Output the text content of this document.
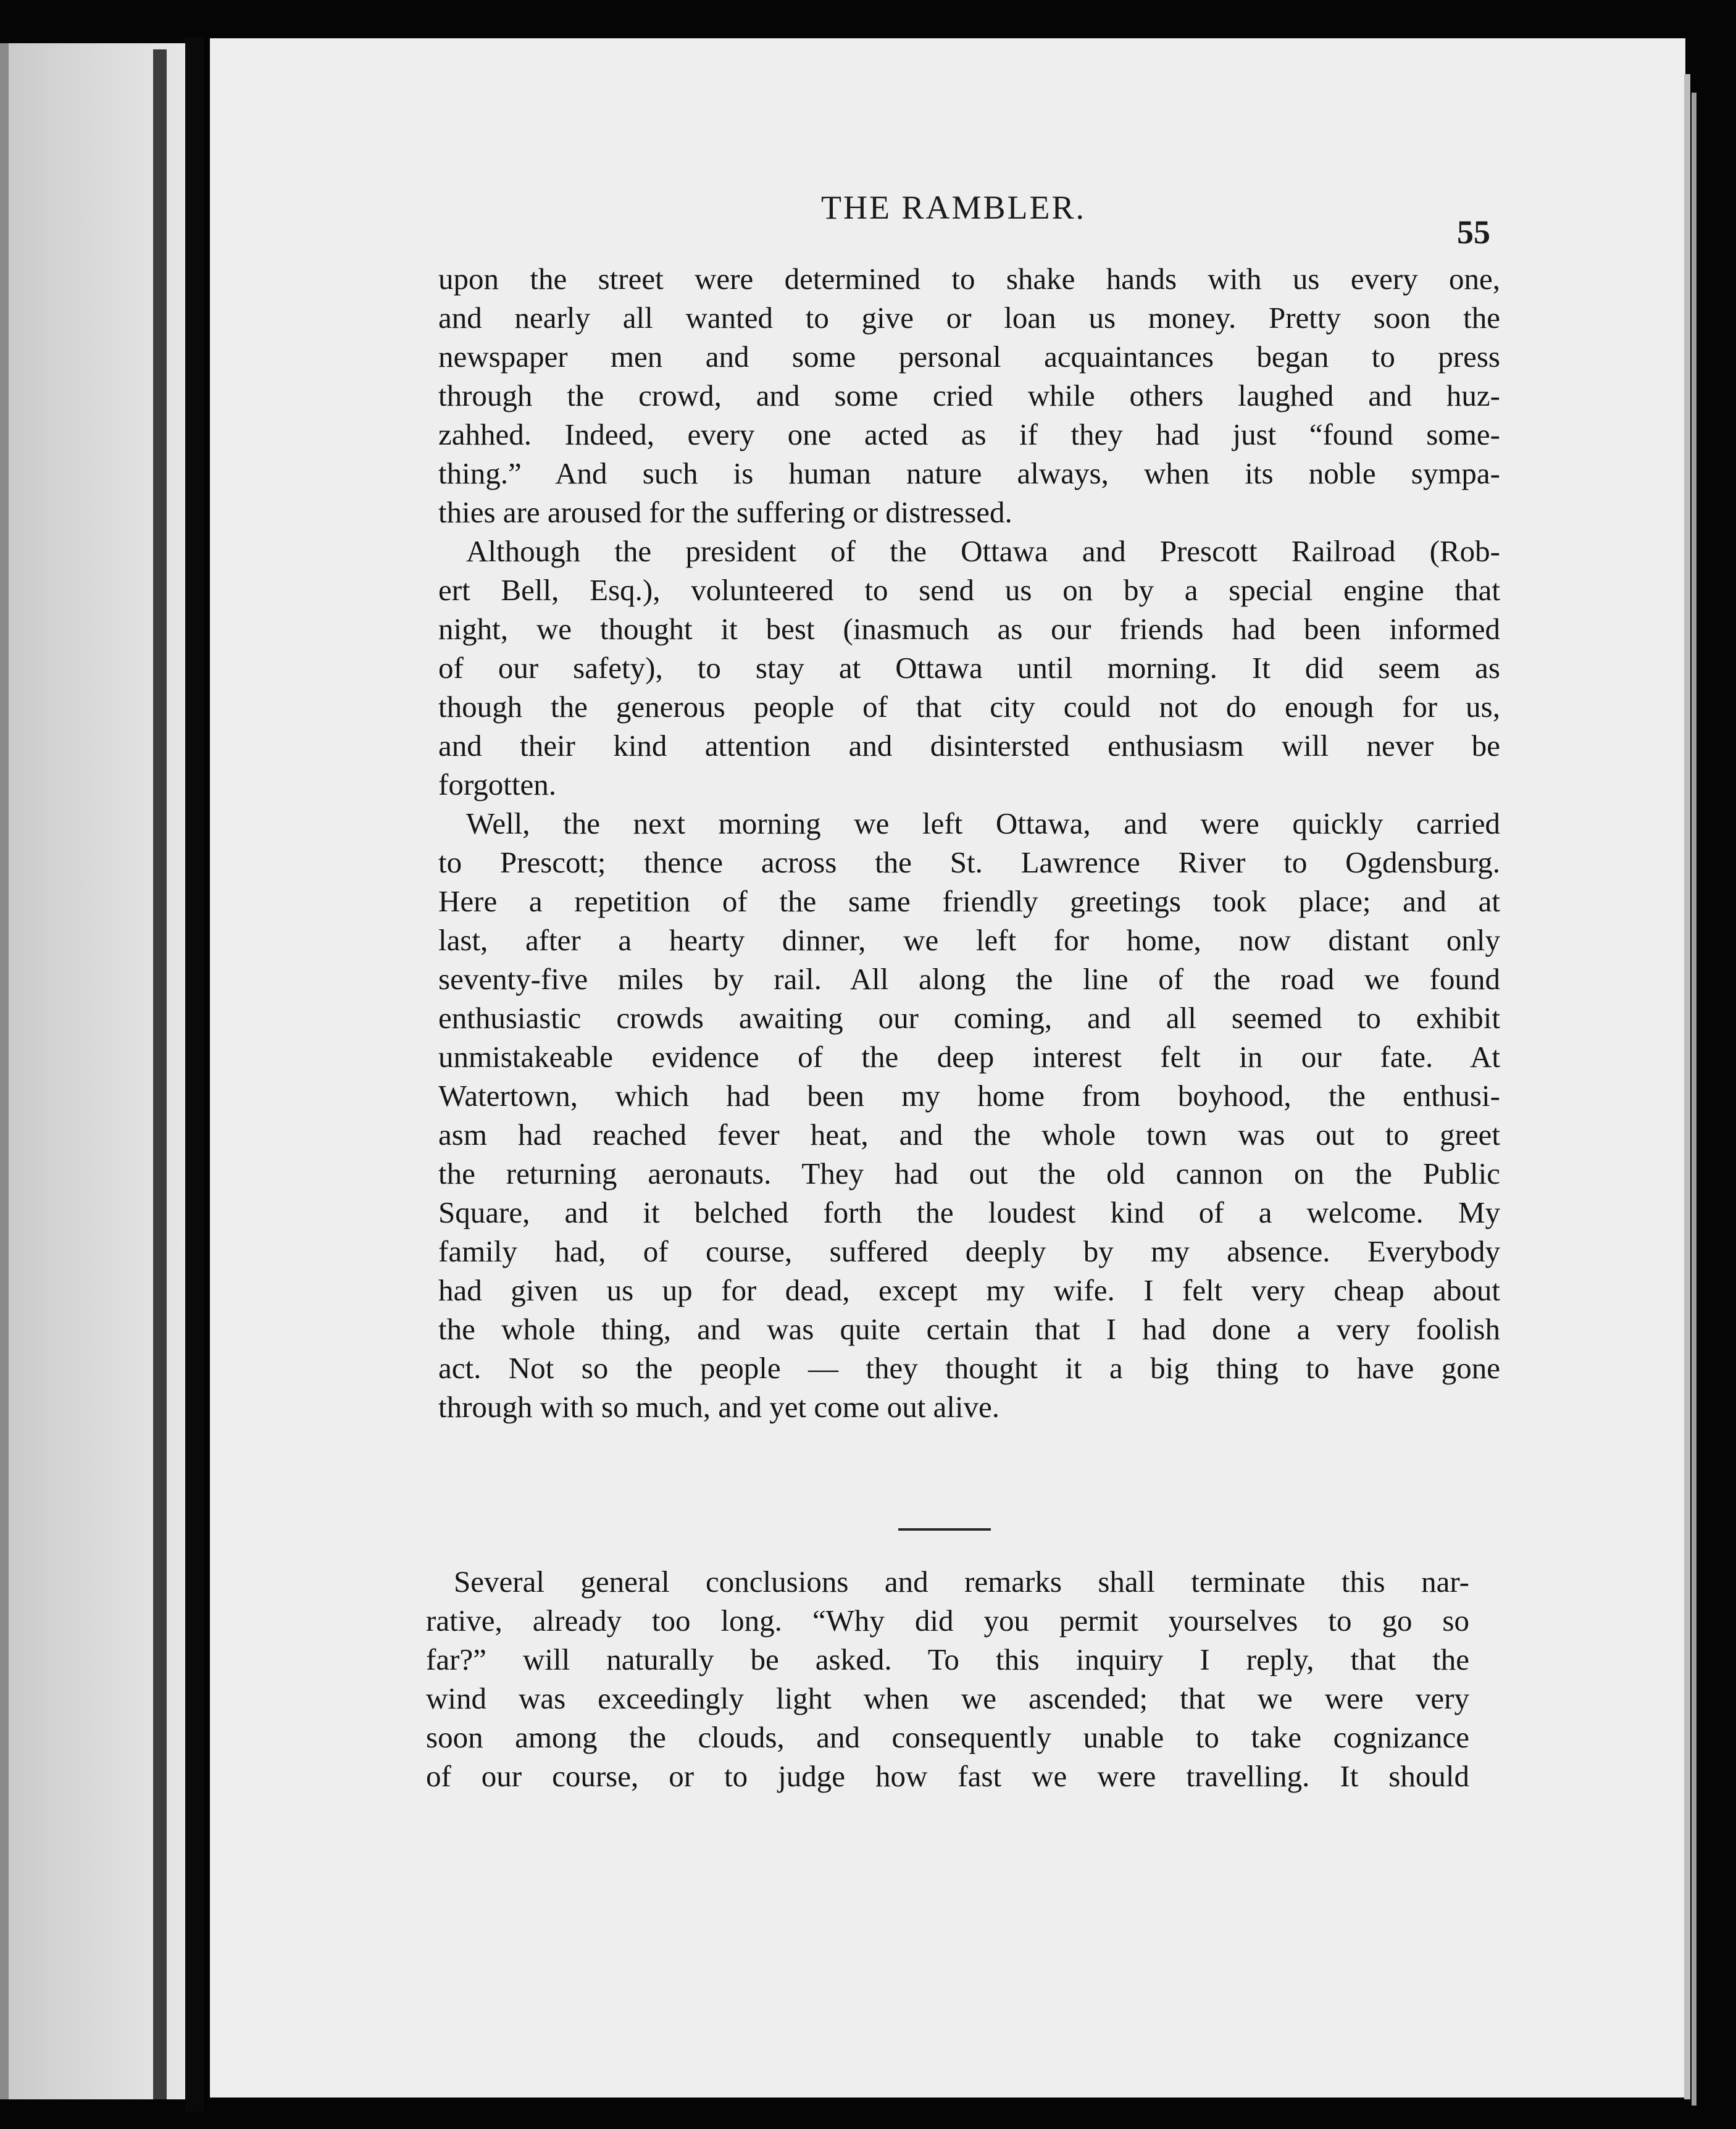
THE RAMBLER.
55
upon the street were determined to shake hands with us every one,
and nearly all wanted to give or loan us money. Pretty soon the
newspaper men and some personal acquaintances began to press
through the crowd, and some cried while others laughed and huz-
zahhed. Indeed, every one acted as if they had just “found some-
thing.” And such is human nature always, when its noble sympa-
thies are aroused for the suffering or distressed.
Although the president of the Ottawa and Prescott Railroad (Rob-
ert Bell, Esq.), volunteered to send us on by a special engine that
night, we thought it best (inasmuch as our friends had been informed
of our safety), to stay at Ottawa until morning. It did seem as
though the generous people of that city could not do enough for us,
and their kind attention and disintersted enthusiasm will never be
forgotten.
Well, the next morning we left Ottawa, and were quickly carried
to Prescott; thence across the St. Lawrence River to Ogdensburg.
Here a repetition of the same friendly greetings took place; and at
last, after a hearty dinner, we left for home, now distant only
seventy-five miles by rail. All along the line of the road we found
enthusiastic crowds awaiting our coming, and all seemed to exhibit
unmistakeable evidence of the deep interest felt in our fate. At
Watertown, which had been my home from boyhood, the enthusi-
asm had reached fever heat, and the whole town was out to greet
the returning aeronauts. They had out the old cannon on the Public
Square, and it belched forth the loudest kind of a welcome. My
family had, of course, suffered deeply by my absence. Everybody
had given us up for dead, except my wife. I felt very cheap about
the whole thing, and was quite certain that I had done a very foolish
act. Not so the people — they thought it a big thing to have gone
through with so much, and yet come out alive.
Several general conclusions and remarks shall terminate this nar-
rative, already too long. “Why did you permit yourselves to go so
far?” will naturally be asked. To this inquiry I reply, that the
wind was exceedingly light when we ascended; that we were very
soon among the clouds, and consequently unable to take cognizance
of our course, or to judge how fast we were travelling. It should
